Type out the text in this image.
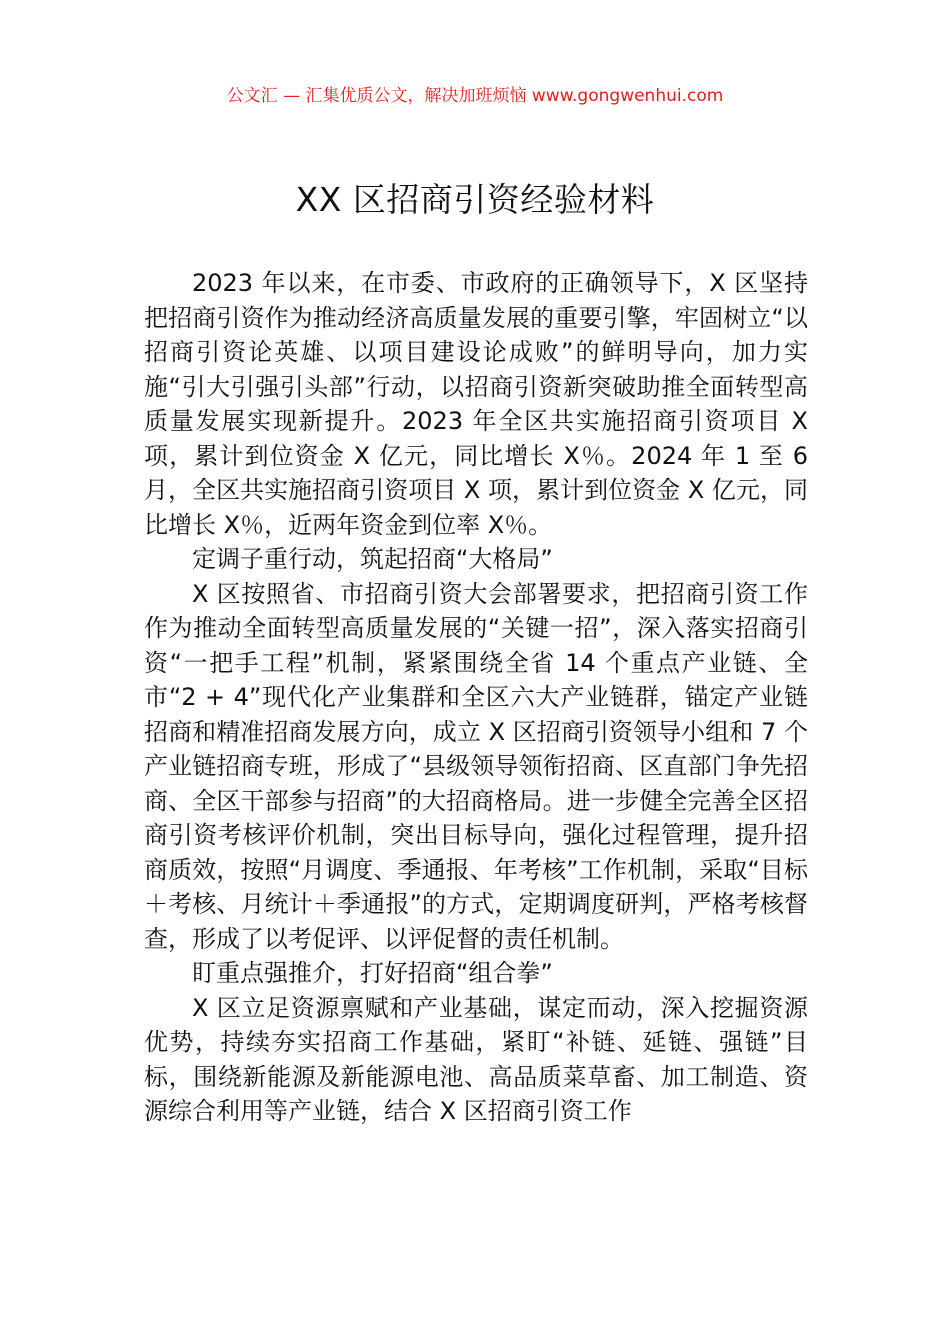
公文汇 — 汇集优质公文，解决加班烦恼 www.gongwenhui.com
XX 区招商引资经验材料

2023 年以来，在市委、市政府的正确领导下，X 区坚持把招商引资作为推动经济高质量发展的重要引擎，牢固树立“以招商引资论英雄、以项目建设论成败”的鲜明导向，加力实施“引大引强引头部”行动，以招商引资新突破助推全面转型高质量发展实现新提升。2023 年全区共实施招商引资项目 X 项，累计到位资金 X 亿元，同比增长 X％。2024 年 1 至 6 月，全区共实施招商引资项目 X 项，累计到位资金 X 亿元，同比增长 X％，近两年资金到位率 X％。

定调子重行动，筑起招商“大格局”

X 区按照省、市招商引资大会部署要求，把招商引资工作作为推动全面转型高质量发展的“关键一招”，深入落实招商引资“一把手工程”机制，紧紧围绕全省 14 个重点产业链、全市“2 + 4”现代化产业集群和全区六大产业链群，锚定产业链招商和精准招商发展方向，成立 X 区招商引资领导小组和 7 个产业链招商专班，形成了“县级领导领衔招商、区直部门争先招商、全区干部参与招商”的大招商格局。进一步健全完善全区招商引资考核评价机制，突出目标导向，强化过程管理，提升招商质效，按照“月调度、季通报、年考核”工作机制，采取“目标＋考核、月统计＋季通报”的方式，定期调度研判，严格考核督查，形成了以考促评、以评促督的责任机制。

盯重点强推介，打好招商“组合拳”

X 区立足资源禀赋和产业基础，谋定而动，深入挖掘资源优势，持续夯实招商工作基础，紧盯“补链、延链、强链”目标，围绕新能源及新能源电池、高品质菜草畜、加工制造、资源综合利用等产业链，结合 X 区招商引资工作
